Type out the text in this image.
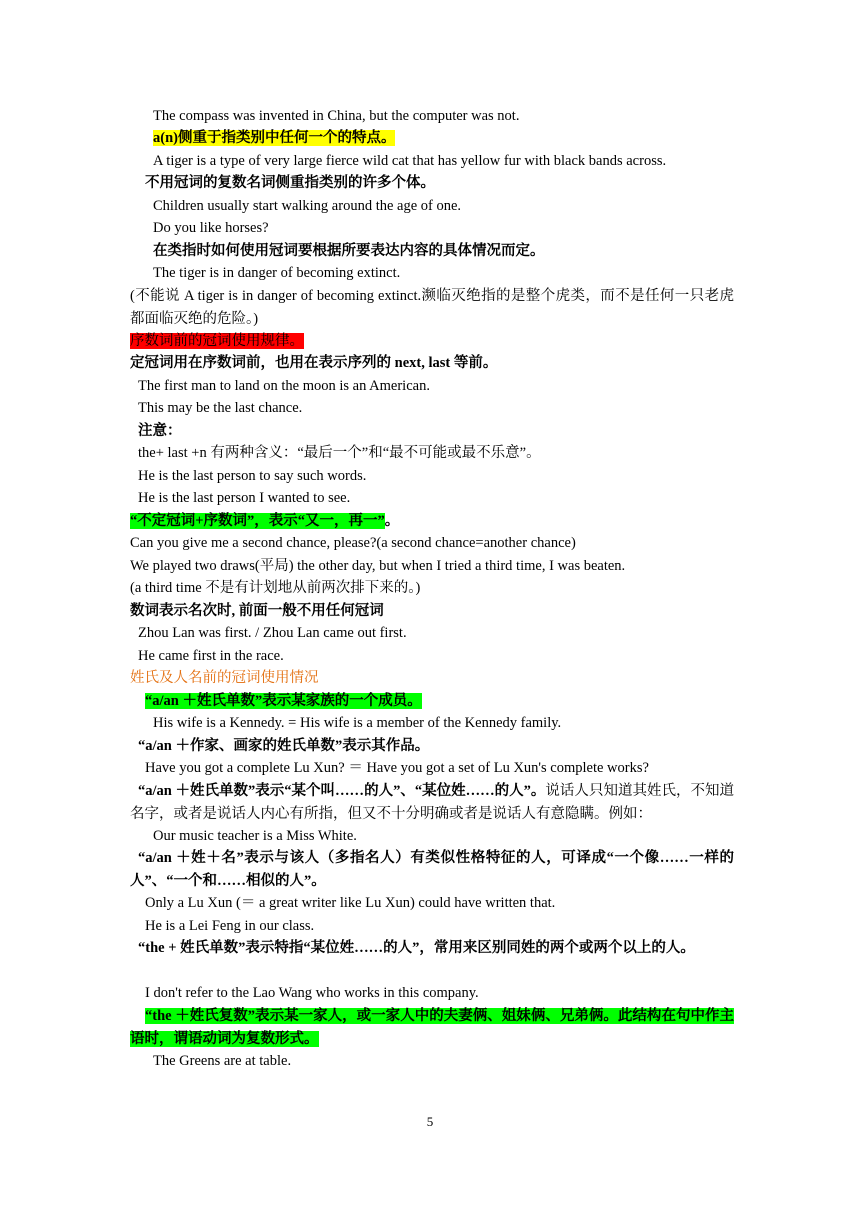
The compass was invented in China, but the computer was not.
a(n)侧重于指类别中任何一个的特点。
A tiger is a type of very large fierce wild cat that has yellow fur with black bands across.
不用冠词的复数名词侧重指类别的许多个体。
Children usually start walking around the age of one.
Do you like horses?
在类指时如何使用冠词要根据所要表达内容的具体情况而定。
The tiger is in danger of becoming extinct.
(不能说 A tiger is in danger of becoming extinct.濒临灭绝指的是整个虎类，而不是任何一只老虎都面临灭绝的危险。)
序数词前的冠词使用规律。
定冠词用在序数词前，也用在表示序列的 next, last 等前。
The first man to land on the moon is an American.
This may be the last chance.
注意：
the+ last +n 有两种含义：“最后一个”和“最不可能或最不乐意”。
He is the last person to say such words.
He is the last person I wanted to see.
“不定冠词+序数词”，表示“又一，再一”。
Can you give me a second chance, please?(a second chance=another chance)
We played two draws(平局) the other day, but when I tried a third time, I was beaten.
(a third time 不是有计划地从前两次排下来的。)
数词表示名次时, 前面一般不用任何冠词
Zhou Lan was first. / Zhou Lan came out first.
He came first in the race.
姓氏及人名前的冠词使用情况
“a/an ＋姓氏单数”表示某家族的一个成员。
His wife is a Kennedy. = His wife is a member of the Kennedy family.
“a/an ＋作家、画家的姓氏单数”表示其作品。
Have you got a complete Lu Xun? ＝ Have you got a set of Lu Xun's complete works?
“a/an ＋姓氏单数”表示“某个叫……的人”、“某位姓……的人”。说话人只知道其姓氏，不知道名字，或者是说话人内心有所指，但又不十分明确或者是说话人有意隐瞒。例如：
Our music teacher is a Miss White.
“a/an ＋姓＋名”表示与该人（多指名人）有类似性格特征的人，可译成“一个像……一样的人”、“一个和……相似的人”。
Only a Lu Xun (＝ a great writer like Lu Xun) could have written that.
He is a Lei Feng in our class.
“the + 姓氏单数”表示特指“某位姓……的人”，常用来区别同姓的两个或两个以上的人。
I don't refer to the Lao Wang who works in this company.
“the ＋姓氏复数”表示某一家人，或一家人中的夫妻俩、姐妹俩、兄弟俩。此结构在句中作主语时，谓语动词为复数形式。
The Greens are at table.
5
